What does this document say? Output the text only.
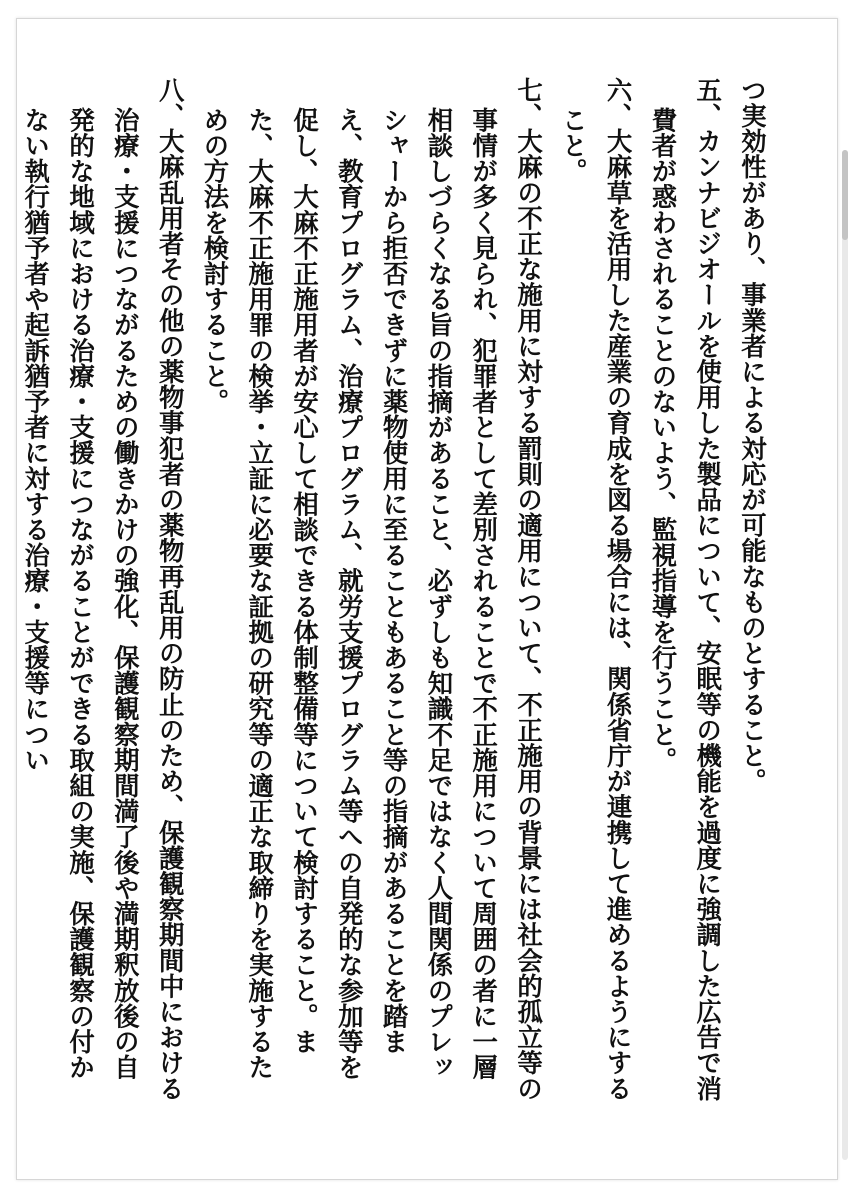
つ実効性があり、事業者による対応が可能なものとすること。

五、カンナビジオールを使用した製品について、安眠等の機能を過度に強調した広告で消費者が惑わされることのないよう、監視指導を行うこと。

六、大麻草を活用した産業の育成を図る場合には、関係省庁が連携して進めるようにすること。

七、大麻の不正な施用に対する罰則の適用について、不正施用の背景には社会的孤立等の事情が多く見られ、犯罪者として差別されることで不正施用について周囲の者に一層相談しづらくなる旨の指摘があること、必ずしも知識不足ではなく人間関係のプレッシャーから拒否できずに薬物使用に至ることもあること等の指摘があることを踏まえ、教育プログラム、治療プログラム、就労支援プログラム等への自発的な参加等を促し、大麻不正施用者が安心して相談できる体制整備等について検討すること。また、大麻不正施用罪の検挙・立証に必要な証拠の研究等の適正な取締りを実施するための方法を検討すること。

八、大麻乱用者その他の薬物事犯者の薬物再乱用の防止のため、保護観察期間中における治療・支援につながるための働きかけの強化、保護観察期間満了後や満期釈放後の自発的な地域における治療・支援につながることができる取組の実施、保護観察の付かない執行猶予者や起訴猶予者に対する治療・支援等につい
